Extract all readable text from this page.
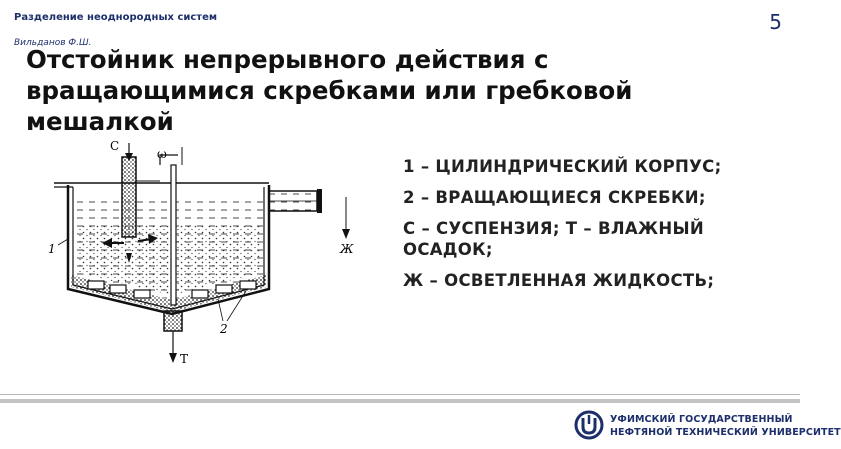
Разделение неоднородных систем
Вильданов Ф.Ш.
5
Отстойник непрерывного действия с вращающимися скребками или гребковой мешалкой
С
ω
1	Ж
2
Т
1 – ЦИЛИНДРИЧЕСКИЙ КОРПУС;
2 – ВРАЩАЮЩИЕСЯ СКРЕБКИ;
С – СУСПЕНЗИЯ; Т – ВЛАЖНЫЙ ОСАДОК;
Ж – ОСВЕТЛЕННАЯ ЖИДКОСТЬ;
УФИМСКИЙ ГОСУДАРСТВЕННЫЙ
НЕФТЯНОЙ ТЕХНИЧЕСКИЙ УНИВЕРСИТЕТ
